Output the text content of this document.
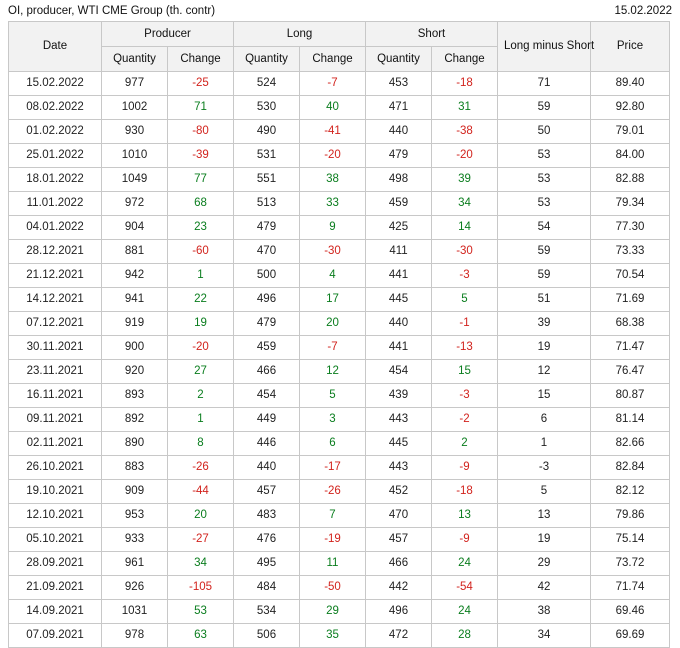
OI, producer, WTI CME Group (th. contr)	15.02.2022
Date	Producer		Long		Short		Long minus Short	Price
	Quantity	Change	Quantity	Change	Quantity	Change		
15.02.2022	977	-25	524	-7	453	-18	71	89.40
08.02.2022	1002	71	530	40	471	31	59	92.80
01.02.2022	930	-80	490	-41	440	-38	50	79.01
25.01.2022	1010	-39	531	-20	479	-20	53	84.00
18.01.2022	1049	77	551	38	498	39	53	82.88
11.01.2022	972	68	513	33	459	34	53	79.34
04.01.2022	904	23	479	9	425	14	54	77.30
28.12.2021	881	-60	470	-30	411	-30	59	73.33
21.12.2021	942	1	500	4	441	-3	59	70.54
14.12.2021	941	22	496	17	445	5	51	71.69
07.12.2021	919	19	479	20	440	-1	39	68.38
30.11.2021	900	-20	459	-7	441	-13	19	71.47
23.11.2021	920	27	466	12	454	15	12	76.47
16.11.2021	893	2	454	5	439	-3	15	80.87
09.11.2021	892	1	449	3	443	-2	6	81.14
02.11.2021	890	8	446	6	445	2	1	82.66
26.10.2021	883	-26	440	-17	443	-9	-3	82.84
19.10.2021	909	-44	457	-26	452	-18	5	82.12
12.10.2021	953	20	483	7	470	13	13	79.86
05.10.2021	933	-27	476	-19	457	-9	19	75.14
28.09.2021	961	34	495	11	466	24	29	73.72
21.09.2021	926	-105	484	-50	442	-54	42	71.74
14.09.2021	1031	53	534	29	496	24	38	69.46
07.09.2021	978	63	506	35	472	28	34	69.69
